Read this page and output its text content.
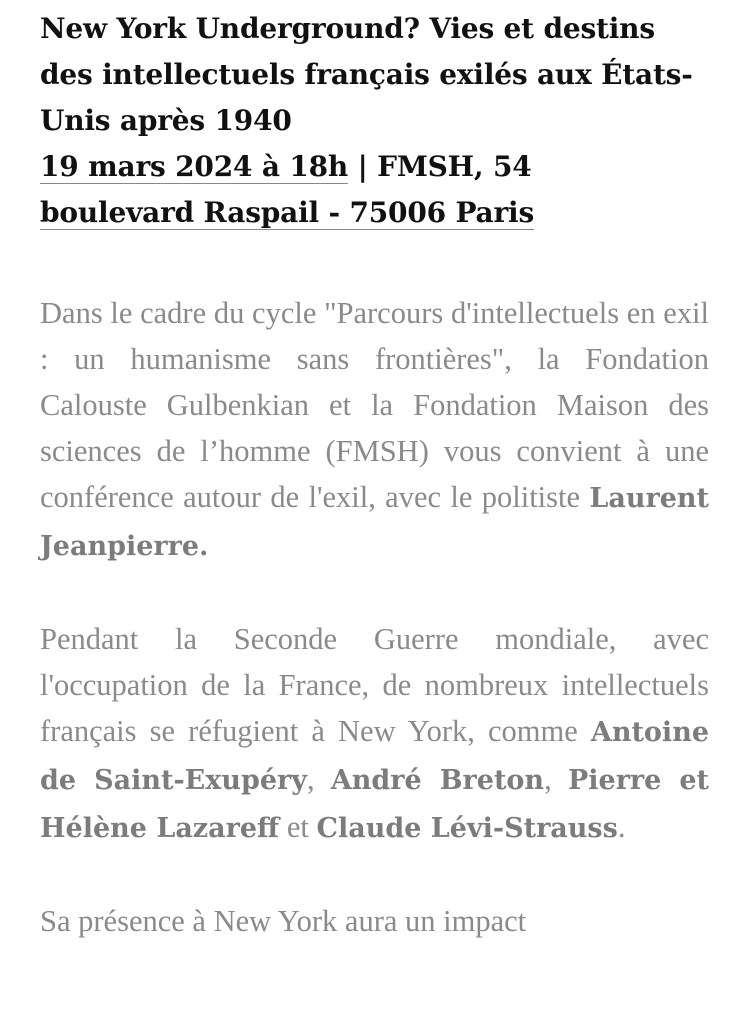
New York Underground? Vies et destins des intellectuels français exilés aux États-Unis après 1940
19 mars 2024 à 18h | FMSH, 54
boulevard Raspail - 75006 Paris

Dans le cadre du cycle "Parcours d'intellectuels en exil : un humanisme sans frontières", la Fondation Calouste Gulbenkian et la Fondation Maison des sciences de l’homme (FMSH) vous convient à une conférence autour de l'exil, avec le politiste Laurent Jeanpierre.

Pendant la Seconde Guerre mondiale, avec l'occupation de la France, de nombreux intellectuels français se réfugient à New York, comme Antoine de Saint-Exupéry, André Breton, Pierre et Hélène Lazareff et Claude Lévi-Strauss.

Sa présence à New York aura un impact
